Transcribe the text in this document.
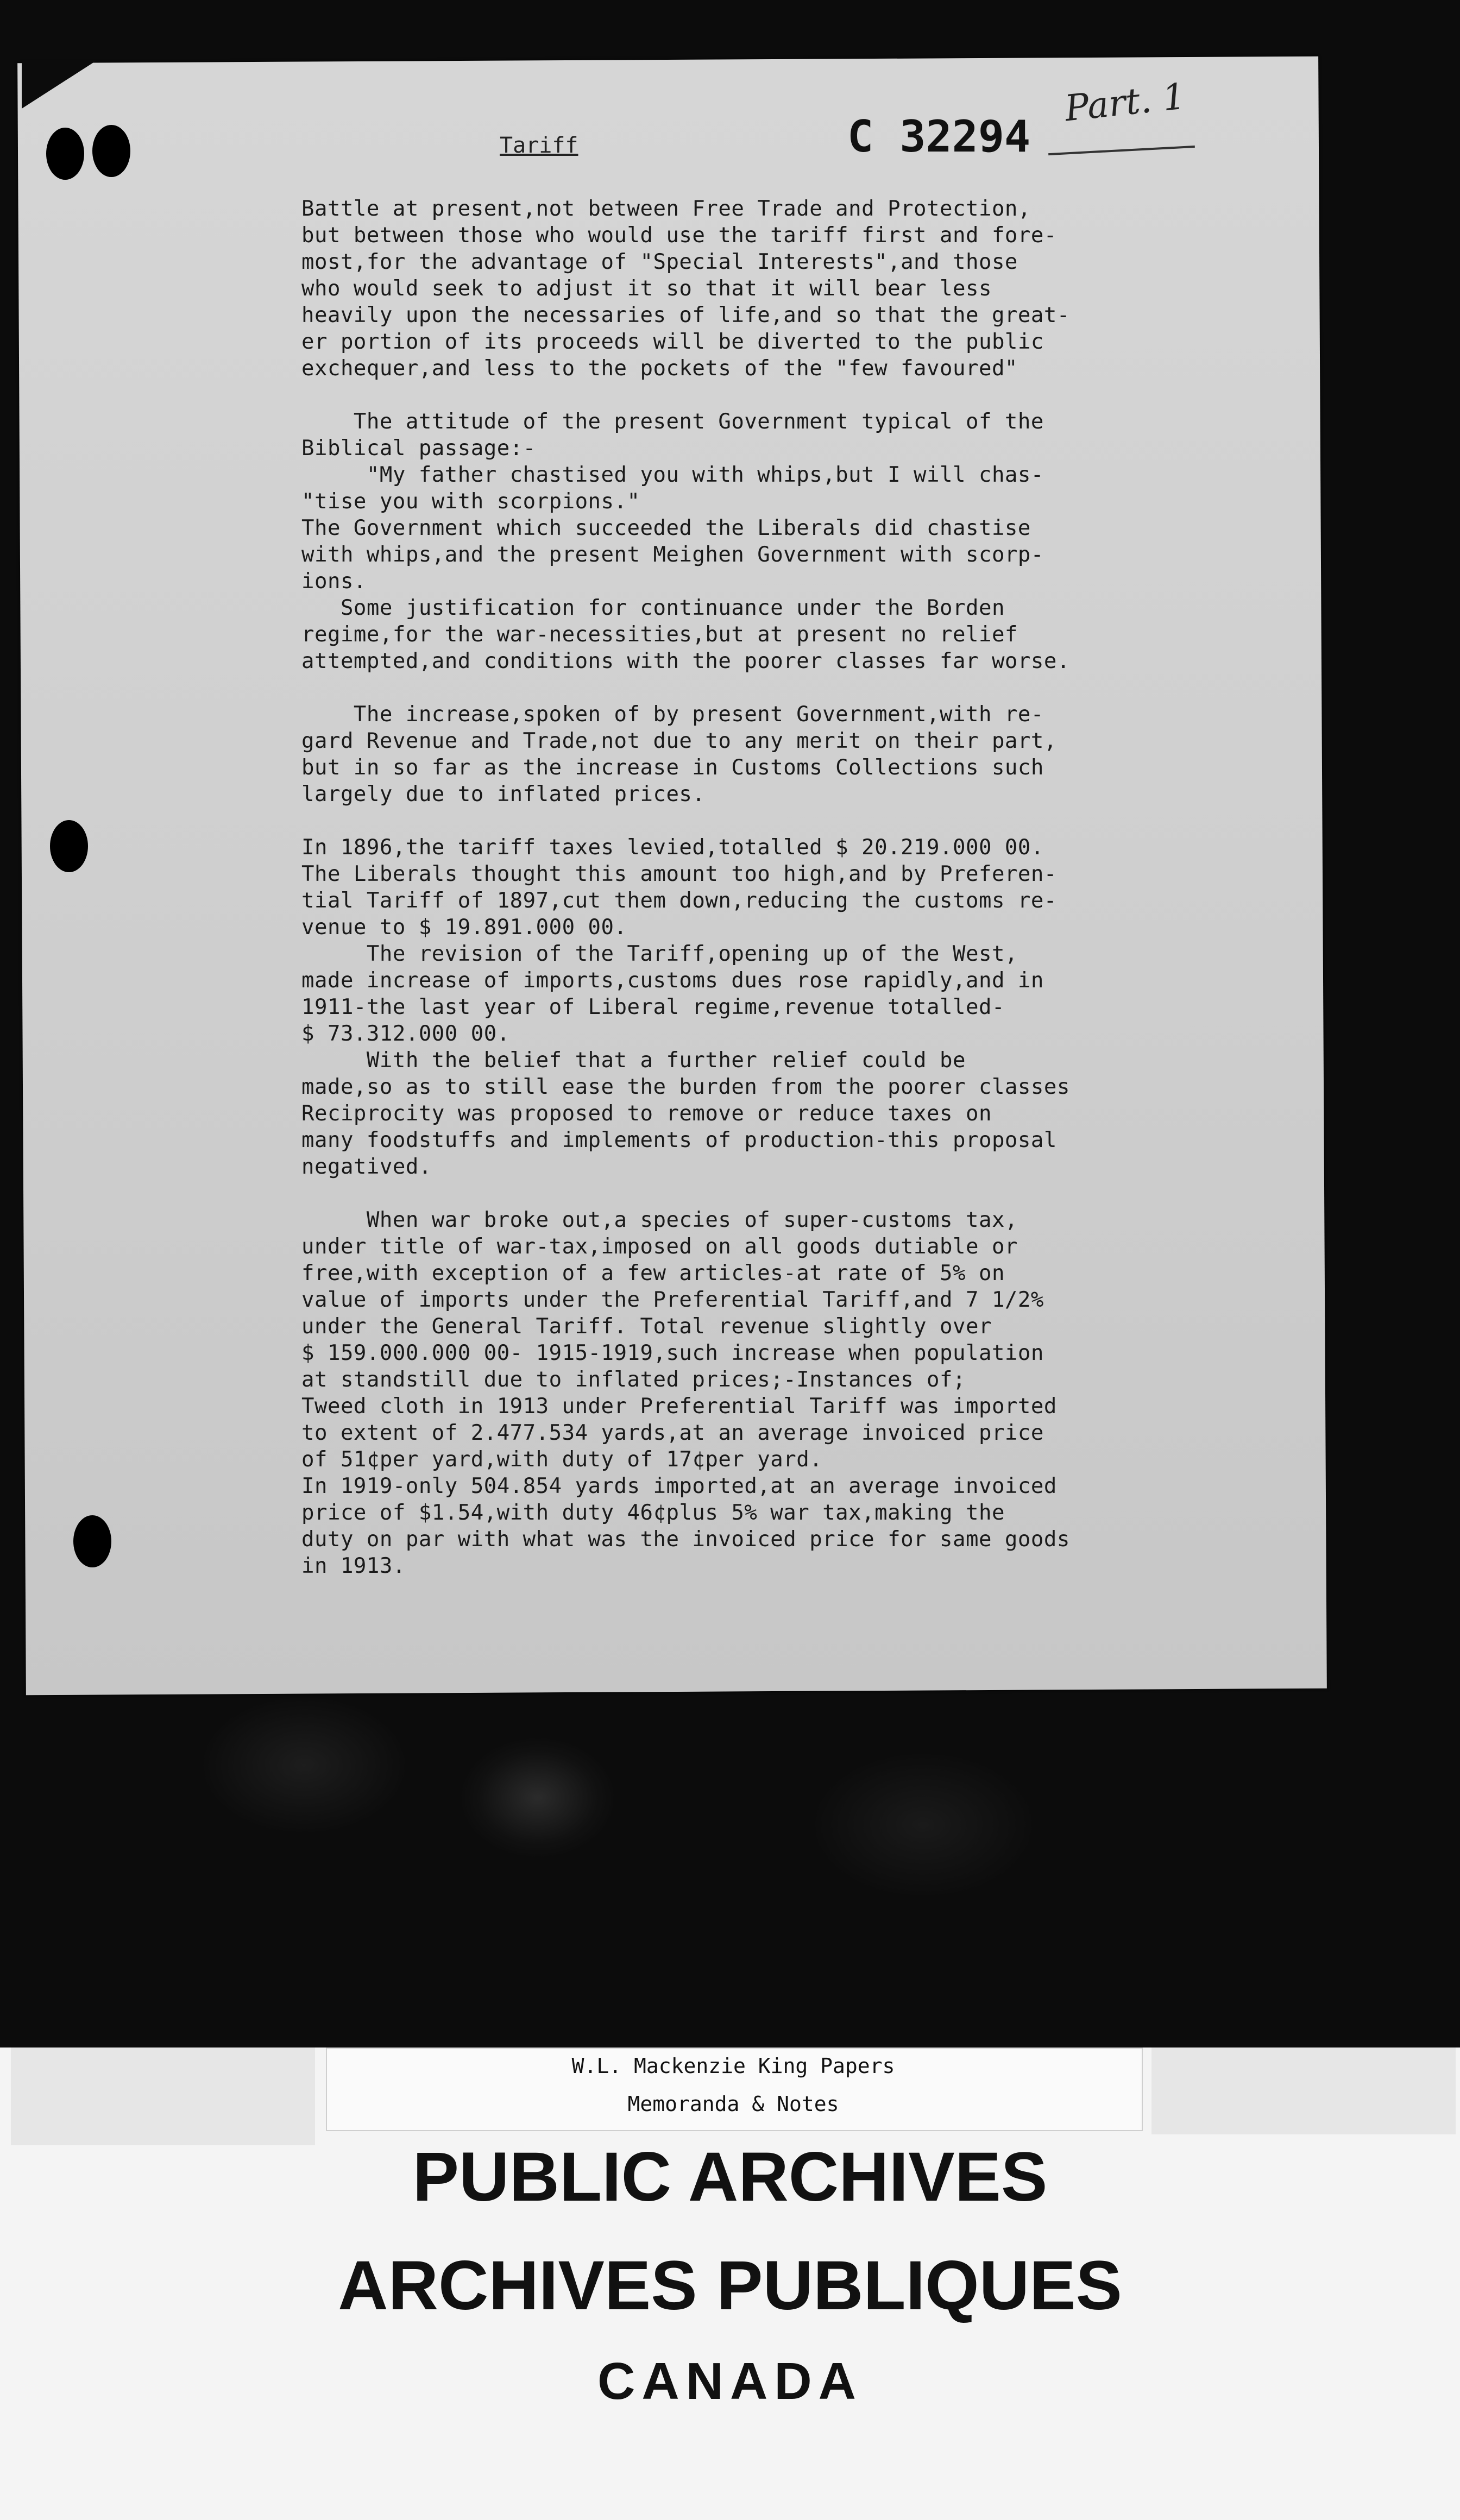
Tariff	C 32294
Part. 1
Battle at present,not between Free Trade and Protection,
but between those who would use the tariff first and fore-
most,for the advantage of "Special Interests",and those
who would seek to adjust it so that it will bear less
heavily upon the necessaries of life,and so that the great-
er portion of its proceeds will be diverted to the public
exchequer,and less to the pockets of the "few favoured"
The attitude of the present Government typical of the
Biblical passage:-
"My father chastised you with whips,but I will chas-
"tise you with scorpions."
The Government which succeeded the Liberals did chastise
with whips,and the present Meighen Government with scorp-
ions.
Some justification for continuance under the Borden
regime,for the war-necessities,but at present no relief
attempted,and conditions with the poorer classes far worse.
The increase,spoken of by present Government,with re-
gard Revenue and Trade,not due to any merit on their part,
but in so far as the increase in Customs Collections such
largely due to inflated prices.
In 1896,the tariff taxes levied,totalled $ 20.219.000 00.
The Liberals thought this amount too high,and by Preferen-
tial Tariff of 1897,cut them down,reducing the customs re-
venue to $ 19.891.000 00.
The revision of the Tariff,opening up of the West,
made increase of imports,customs dues rose rapidly,and in
1911-the last year of Liberal regime,revenue totalled-
$ 73.312.000 00.
With the belief that a further relief could be
made,so as to still ease the burden from the poorer classes
Reciprocity was proposed to remove or reduce taxes on
many foodstuffs and implements of production-this proposal
negatived.
When war broke out,a species of super-customs tax,
under title of war-tax,imposed on all goods dutiable or
free,with exception of a few articles-at rate of 5% on
value of imports under the Preferential Tariff,and 7 1/2%
under the General Tariff. Total revenue slightly over
$ 159.000.000 00- 1915-1919,such increase when population
at standstill due to inflated prices;-Instances of;
Tweed cloth in 1913 under Preferential Tariff was imported
to extent of 2.477.534 yards,at an average invoiced price
of 51¢per yard,with duty of 17¢per yard.
In 1919-only 504.854 yards imported,at an average invoiced
price of $1.54,with duty 46¢plus 5% war tax,making the
duty on par with what was the invoiced price for same goods
in 1913.
W.L. Mackenzie King Papers
Memoranda & Notes
PUBLIC ARCHIVES
ARCHIVES PUBLIQUES
CANADA
